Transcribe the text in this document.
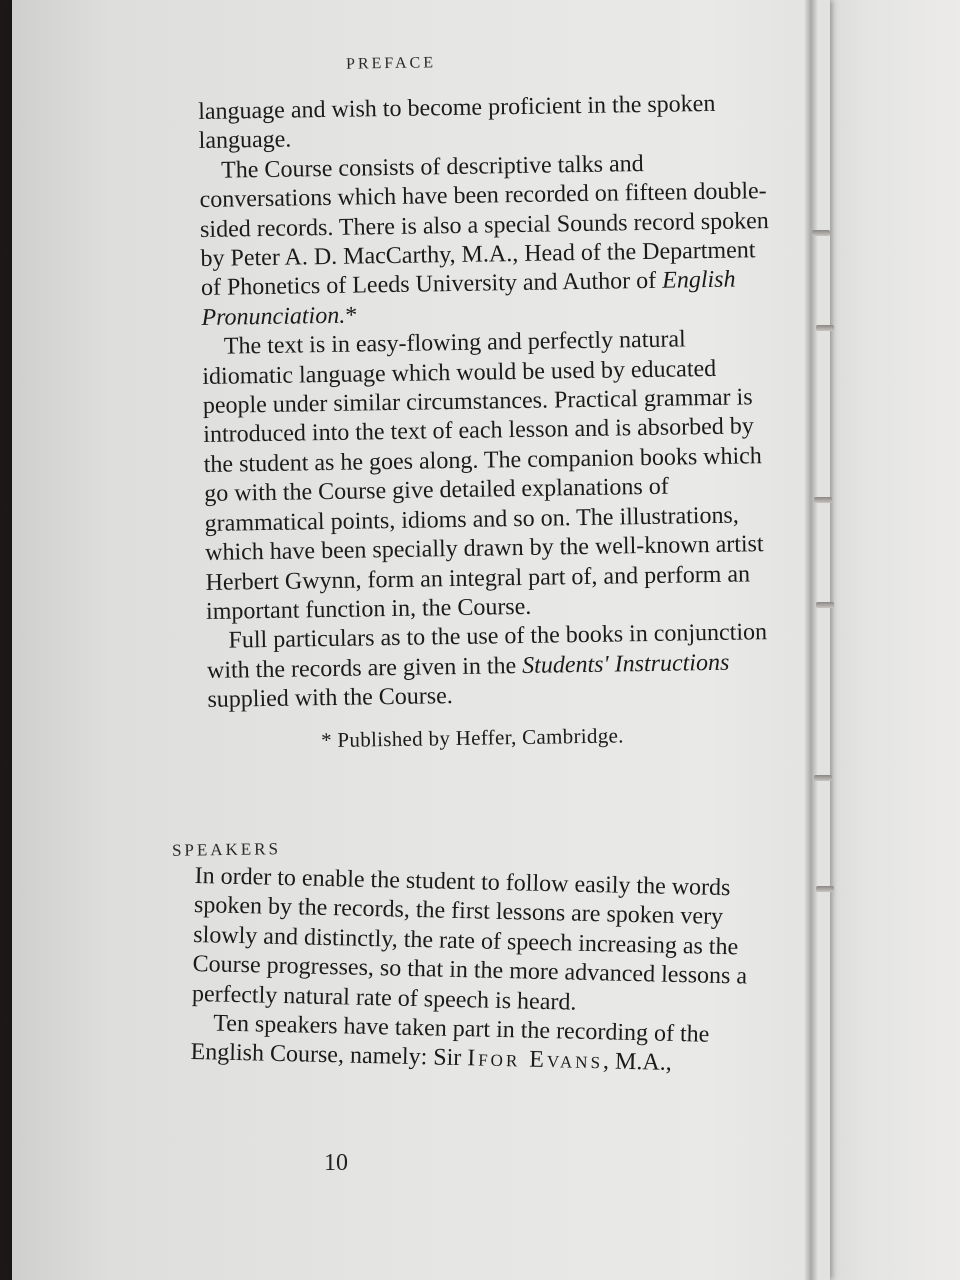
PREFACE

language and wish to become proficient in the spoken language.

The Course consists of descriptive talks and conversations which have been recorded on fifteen double-sided records. There is also a special Sounds record spoken by Peter A. D. MacCarthy, M.A., Head of the Department of Phonetics of Leeds University and Author of English Pronunciation.*

The text is in easy-flowing and perfectly natural idiomatic language which would be used by educated people under similar circumstances. Practical grammar is introduced into the text of each lesson and is absorbed by the student as he goes along. The companion books which go with the Course give detailed explanations of grammatical points, idioms and so on. The illustrations, which have been specially drawn by the well-known artist Herbert Gwynn, form an integral part of, and perform an important function in, the Course.

Full particulars as to the use of the books in conjunction with the records are given in the Students' Instructions supplied with the Course.

* Published by Heffer, Cambridge.
SPEAKERS

In order to enable the student to follow easily the words spoken by the records, the first lessons are spoken very slowly and distinctly, the rate of speech increasing as the Course progresses, so that in the more advanced lessons a perfectly natural rate of speech is heard.

Ten speakers have taken part in the recording of the English Course, namely: Sir Ifor Evans, M.A.,

10
